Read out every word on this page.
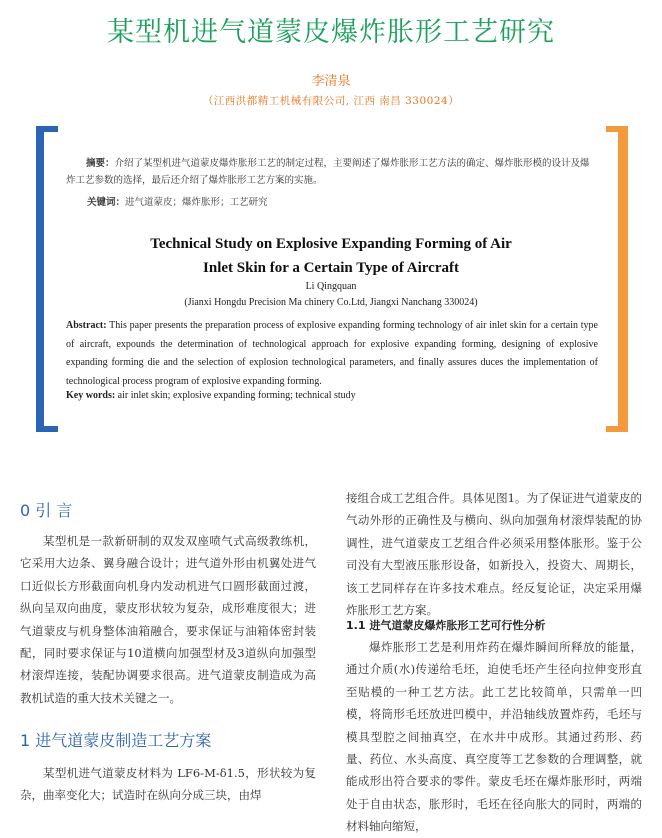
某型机进气道蒙皮爆炸胀形工艺研究
李清泉
（江西洪都精工机械有限公司, 江西 南昌 330024）
摘要：介绍了某型机进气道蒙皮爆炸胀形工艺的制定过程，主要阐述了爆炸胀形工艺方法的确定、爆炸胀形模的设计及爆炸工艺参数的选择，最后还介绍了爆炸胀形工艺方案的实施。
关键词：进气道蒙皮；爆炸胀形；工艺研究
Technical Study on Explosive Expanding Forming of Air
Inlet Skin for a Certain Type of Aircraft
Li Qingquan
(Jianxi Hongdu Precision Ma chinery Co.Ltd, Jiangxi Nanchang 330024)
Abstract: This paper presents the preparation process of explosive expanding forming technology of air inlet skin for a certain type of aircraft, expounds the determination of technological approach for explosive expanding forming, designing of explosive expanding forming die and the selection of explosion technological parameters, and finally assures duces the implementation of technological process program of explosive expanding forming.
Key words: air inlet skin; explosive expanding forming; technical study
0 引 言
某型机是一款新研制的双发双座喷气式高级教练机，它采用大边条、翼身融合设计；进气道外形由机翼处进气口近似长方形截面向机身内发动机进气口圆形截面过渡，纵向呈双向曲度，蒙皮形状较为复杂，成形难度很大；进气道蒙皮与机身整体油箱融合，要求保证与油箱体密封装配，同时要求保证与10道横向加强型材及3道纵向加强型材滚焊连接，装配协调要求很高。进气道蒙皮制造成为高教机试造的重大技术关键之一。
1 进气道蒙皮制造工艺方案
某型机进气道蒙皮材料为 LF6-M-δ1.5，形状较为复杂，曲率变化大；试造时在纵向分成三块，由焊
接组合成工艺组合件。具体见图1。为了保证进气道蒙皮的气动外形的正确性及与横向、纵向加强角材滚焊装配的协调性，进气道蒙皮工艺组合件必须采用整体胀形。鉴于公司没有大型液压胀形设备，如新投入，投资大、周期长，该工艺同样存在许多技术难点。经反复论证，决定采用爆炸胀形工艺方案。
1.1 进气道蒙皮爆炸胀形工艺可行性分析
爆炸胀形工艺是利用炸药在爆炸瞬间所释放的能量，通过介质(水)传递给毛坯，迫使毛坯产生径向拉伸变形直至贴模的一种工艺方法。此工艺比较简单，只需单一凹模，将筒形毛坯放进凹模中，并沿轴线放置炸药，毛坯与模具型腔之间抽真空，在水井中成形。其通过药形、药量、药位、水头高度、真空度等工艺参数的合理调整，就能成形出符合要求的零件。蒙皮毛坯在爆炸胀形时，两端处于自由状态，胀形时，毛坯在径向胀大的同时，两端的材料轴向缩短，
